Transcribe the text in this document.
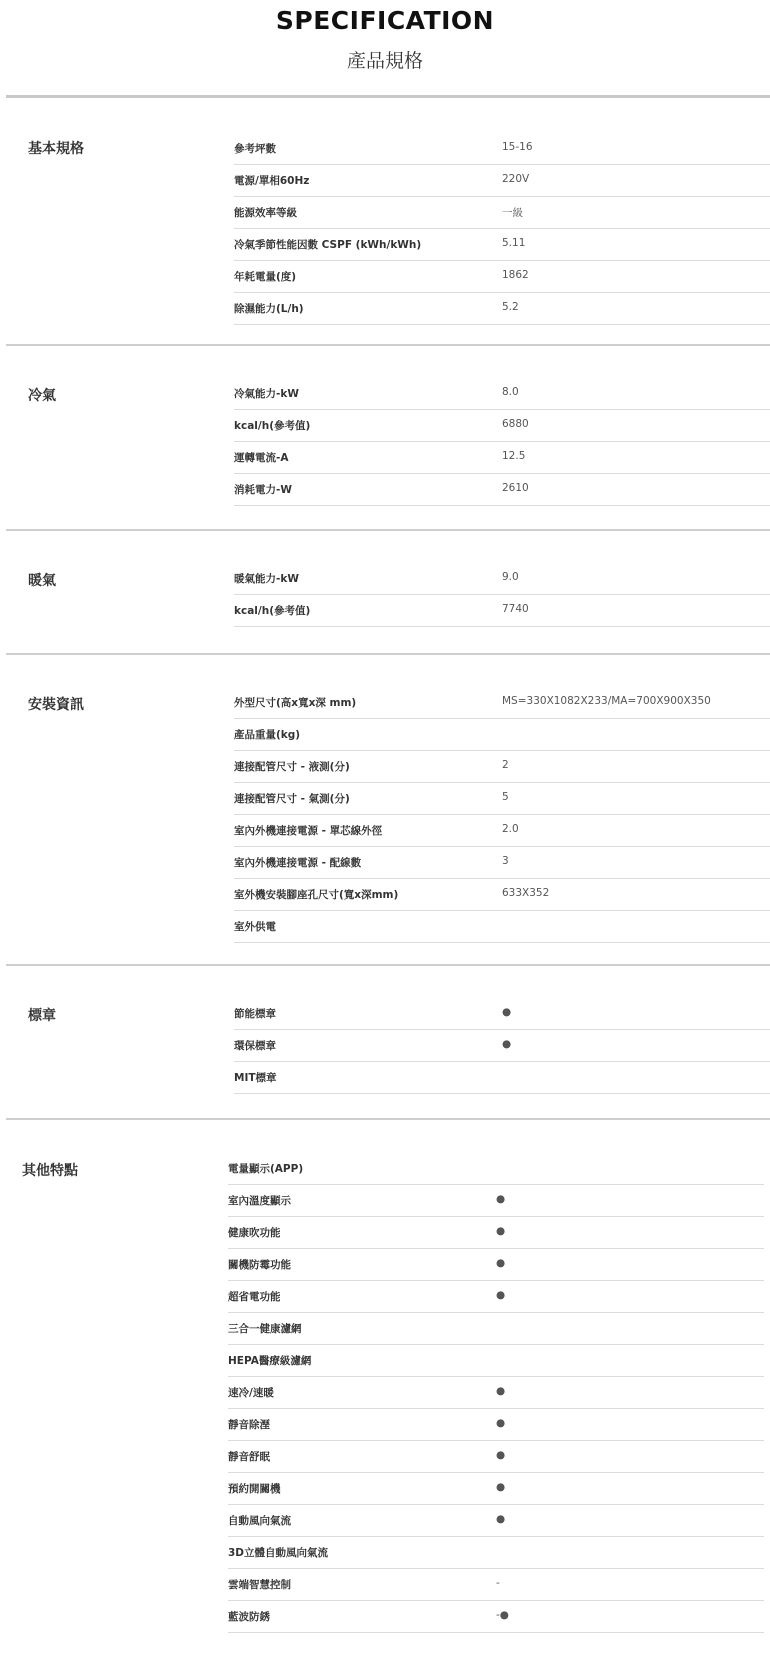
SPECIFICATION
產品規格
基本規格	參考坪數	15-16
電源/單相60Hz	220V
能源效率等級	一級
冷氣季節性能因數 CSPF (kWh/kWh)	5.11
年耗電量(度)	1862
除濕能力(L/h)	5.2
冷氣	冷氣能力-kW	8.0
kcal/h(參考值)	6880
運轉電流-A	12.5
消耗電力-W	2610
暖氣	暖氣能力-kW	9.0
kcal/h(參考值)	7740
安裝資訊	外型尺寸(高x寬x深 mm)	MS=330X1082X233/MA=700X900X350
產品重量(kg)
連接配管尺寸 - 液測(分)	2
連接配管尺寸 - 氣測(分)	5
室內外機連接電源 - 單芯線外徑	2.0
室內外機連接電源 - 配線數	3
室外機安裝腳座孔尺寸(寬x深mm)	633X352
室外供電
標章	節能標章	●
環保標章	●
MIT標章
其他特點	電量顯示(APP)
室內溫度顯示	●
健康吹功能	●
關機防霉功能	●
超省電功能	●
三合一健康濾網
HEPA醫療級濾網
速冷/速暖	●
靜音除溼	●
靜音舒眠	●
預約開關機	●
自動風向氣流	●
3D立體自動風向氣流
雲端智慧控制	-
藍波防銹	-●
